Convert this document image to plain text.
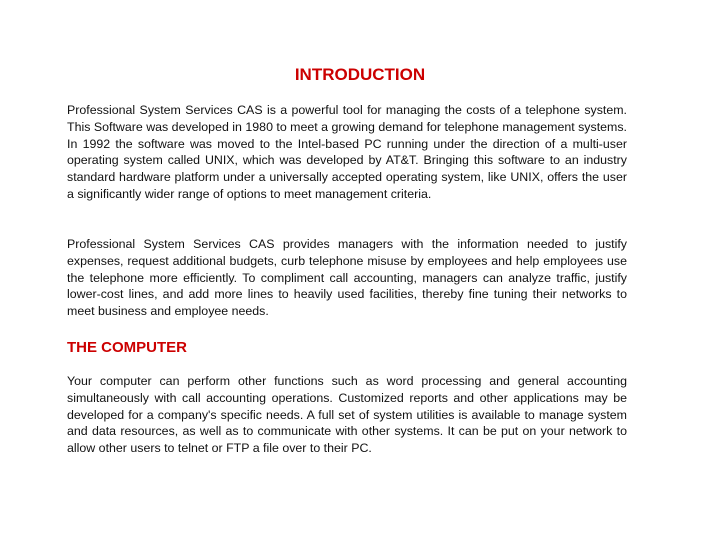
INTRODUCTION

Professional System Services CAS is a powerful tool for managing the costs of a telephone system. This Software was developed in 1980 to meet a growing demand for telephone management systems. In 1992 the software was moved to the Intel-based PC running under the direction of a multi-user operating system called UNIX, which was developed by AT&T. Bringing this software to an industry standard hardware platform under a universally accepted operating system, like UNIX, offers the user a significantly wider range of options to meet management criteria.

Professional System Services CAS provides managers with the information needed to justify expenses, request additional budgets, curb telephone misuse by employees and help employees use the telephone more efficiently. To compliment call accounting, managers can analyze traffic, justify lower-cost lines, and add more lines to heavily used facilities, thereby fine tuning their networks to meet business and employee needs.

THE COMPUTER

Your computer can perform other functions such as word processing and general accounting simultaneously with call accounting operations. Customized reports and other applications may be developed for a company's specific needs. A full set of system utilities is available to manage system and data resources, as well as to communicate with other systems. It can be put on your network to allow other users to telnet or FTP a file over to their PC.
